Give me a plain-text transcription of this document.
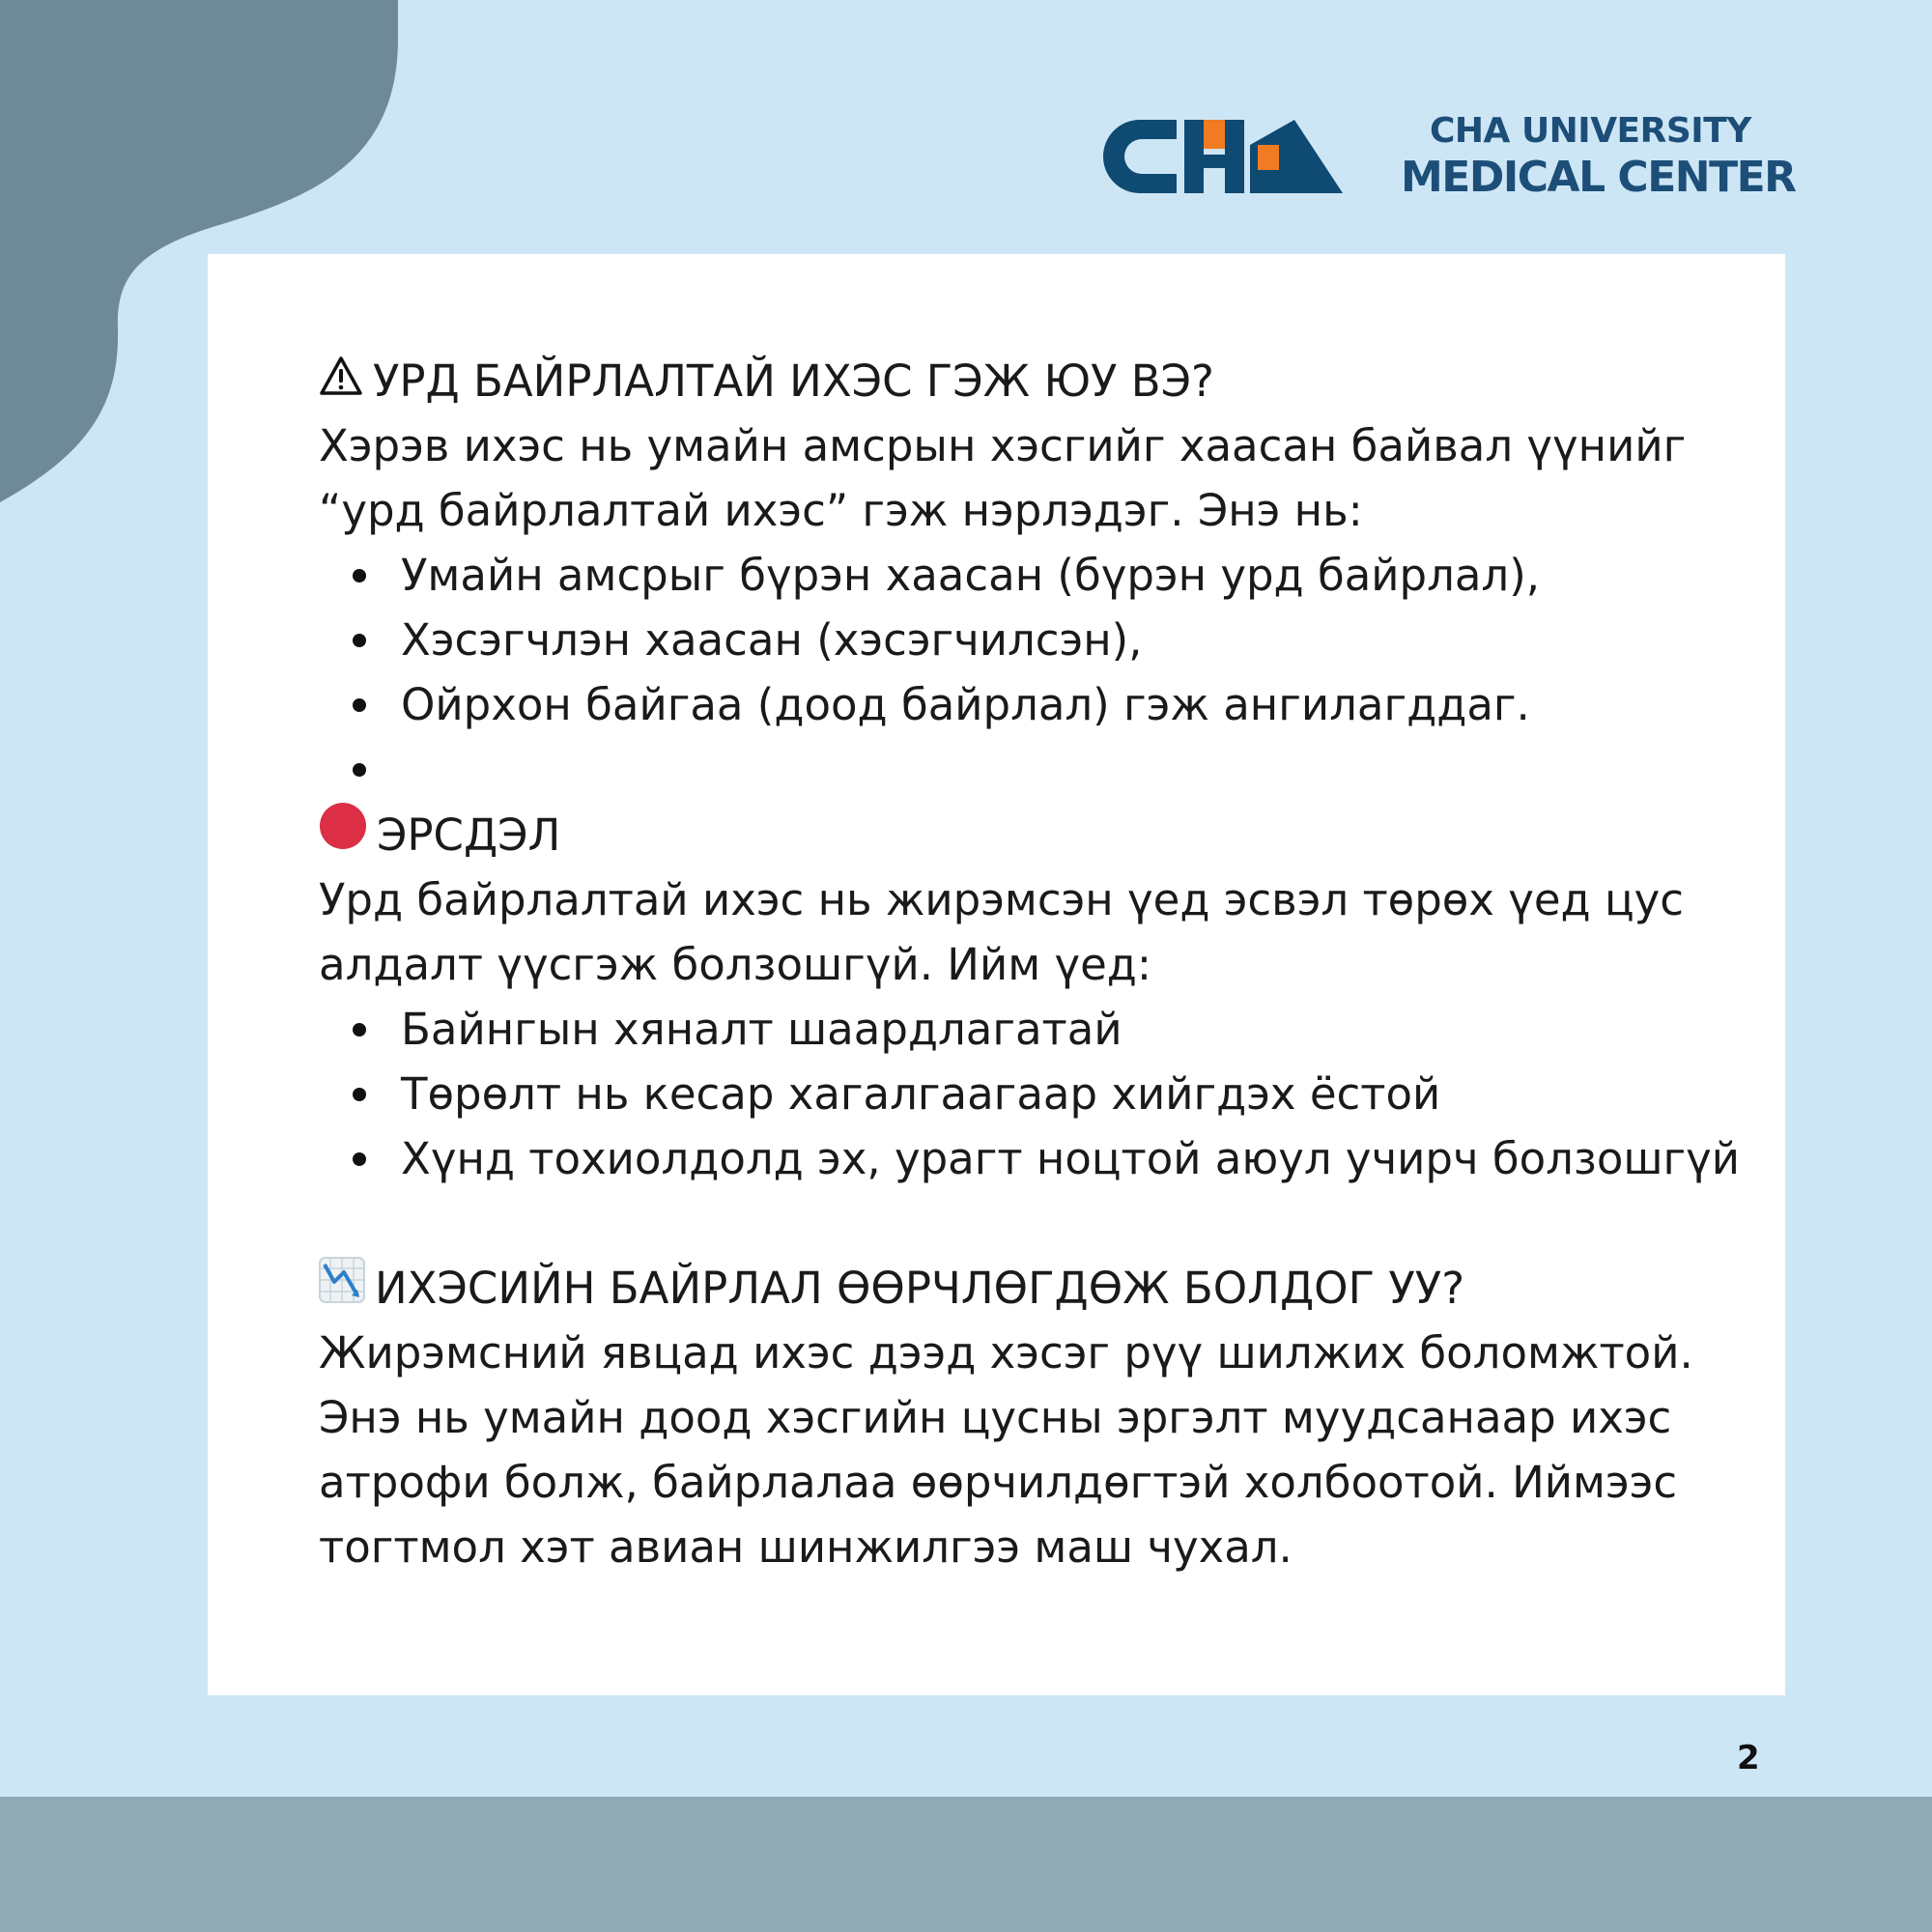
CHA UNIVERSITY
MEDICAL CENTER
УРД БАЙРЛАЛТАЙ ИХЭС ГЭЖ ЮУ ВЭ?

Хэрэв ихэс нь умайн амсрын хэсгийг хаасан байвал үүнийг

“урд байрлалтай ихэс” гэж нэрлэдэг. Энэ нь:

Умайн амсрыг бүрэн хаасан (бүрэн урд байрлал),
Хэсэгчлэн хаасан (хэсэгчилсэн),
Ойрхон байгаа (доод байрлал) гэж ангилагддаг.
ЭРСДЭЛ

Урд байрлалтай ихэс нь жирэмсэн үед эсвэл төрөх үед цус

алдалт үүсгэж болзошгүй. Ийм үед:

Байнгын хяналт шаардлагатай
Төрөлт нь кесар хагалгаагаар хийгдэх ёстой
Хүнд тохиолдолд эх, урагт ноцтой аюул учирч болзошгүй
ИХЭСИЙН БАЙРЛАЛ ӨӨРЧЛӨГДӨЖ БОЛДОГ УУ?

Жирэмсний явцад ихэс дээд хэсэг рүү шилжих боломжтой.

Энэ нь умайн доод хэсгийн цусны эргэлт муудсанаар ихэс

атрофи болж, байрлалаа өөрчилдөгтэй холбоотой. Иймээс

тогтмол хэт авиан шинжилгээ маш чухал.

2
